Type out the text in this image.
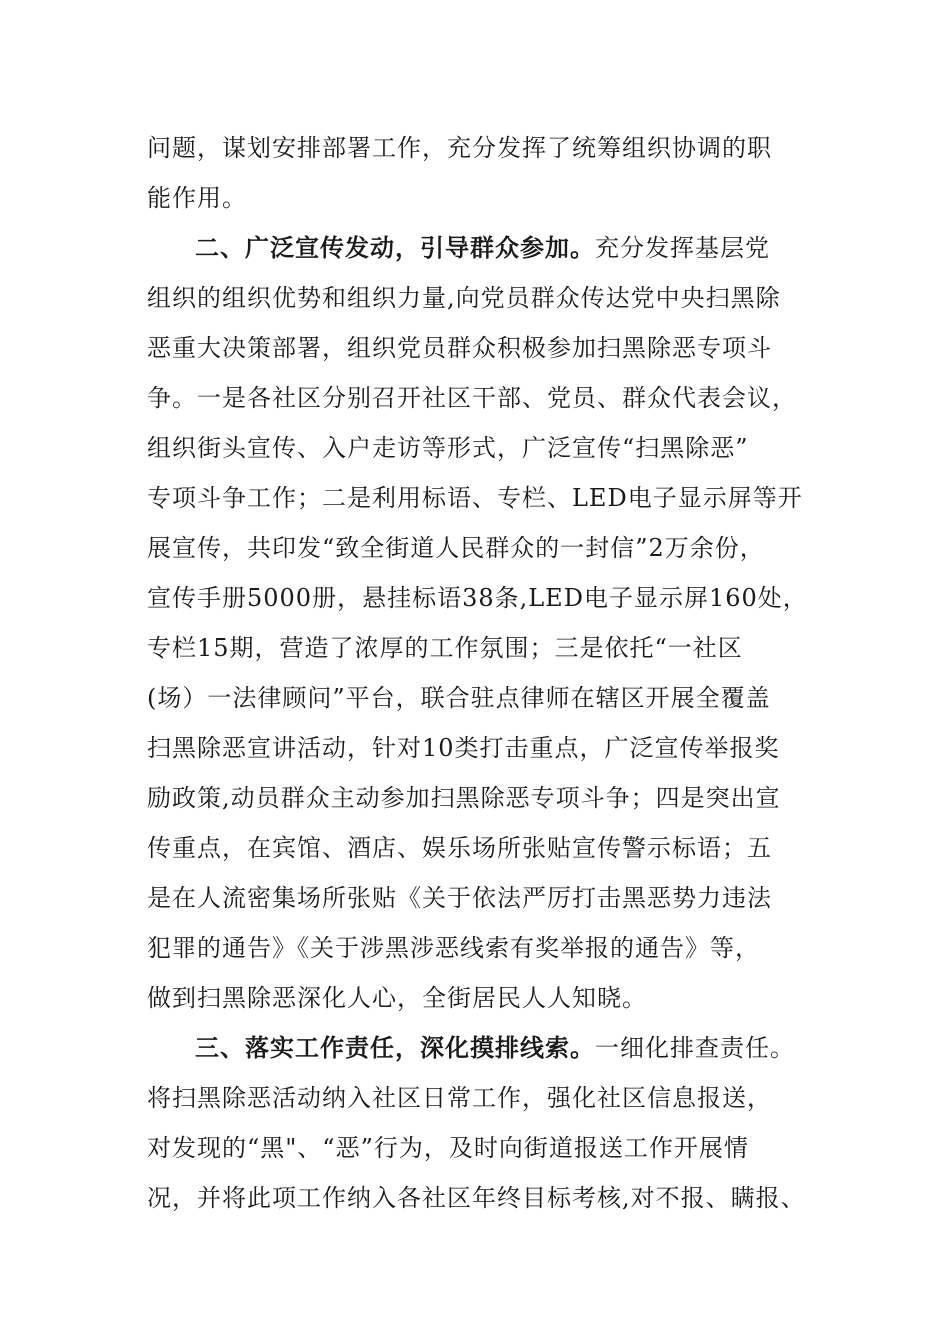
问题，谋划安排部署工作，充分发挥了统筹组织协调的职
能作用。
二、广泛宣传发动，引导群众参加。充分发挥基层党
组织的组织优势和组织力量,向党员群众传达党中央扫黑除
恶重大决策部署，组织党员群众积极参加扫黑除恶专项斗
争。一是各社区分别召开社区干部、党员、群众代表会议，
组织街头宣传、入户走访等形式，广泛宣传“扫黑除恶”
专项斗争工作；二是利用标语、专栏、LED电子显示屏等开
展宣传，共印发“致全街道人民群众的一封信”2万余份，
宣传手册5000册，悬挂标语38条,LED电子显示屏160处，
专栏15期，营造了浓厚的工作氛围；三是依托“一社区
(场）一法律顾问”平台，联合驻点律师在辖区开展全覆盖
扫黑除恶宣讲活动，针对10类打击重点，广泛宣传举报奖
励政策,动员群众主动参加扫黑除恶专项斗争；四是突出宣
传重点，在宾馆、酒店、娱乐场所张贴宣传警示标语；五
是在人流密集场所张贴《关于依法严厉打击黑恶势力违法
犯罪的通告》《关于涉黑涉恶线索有奖举报的通告》等，
做到扫黑除恶深化人心，全街居民人人知晓。
三、落实工作责任，深化摸排线索。一细化排查责任。
将扫黑除恶活动纳入社区日常工作，强化社区信息报送，
对发现的“黑"、“恶”行为，及时向街道报送工作开展情
况，并将此项工作纳入各社区年终目标考核,对不报、瞒报、
